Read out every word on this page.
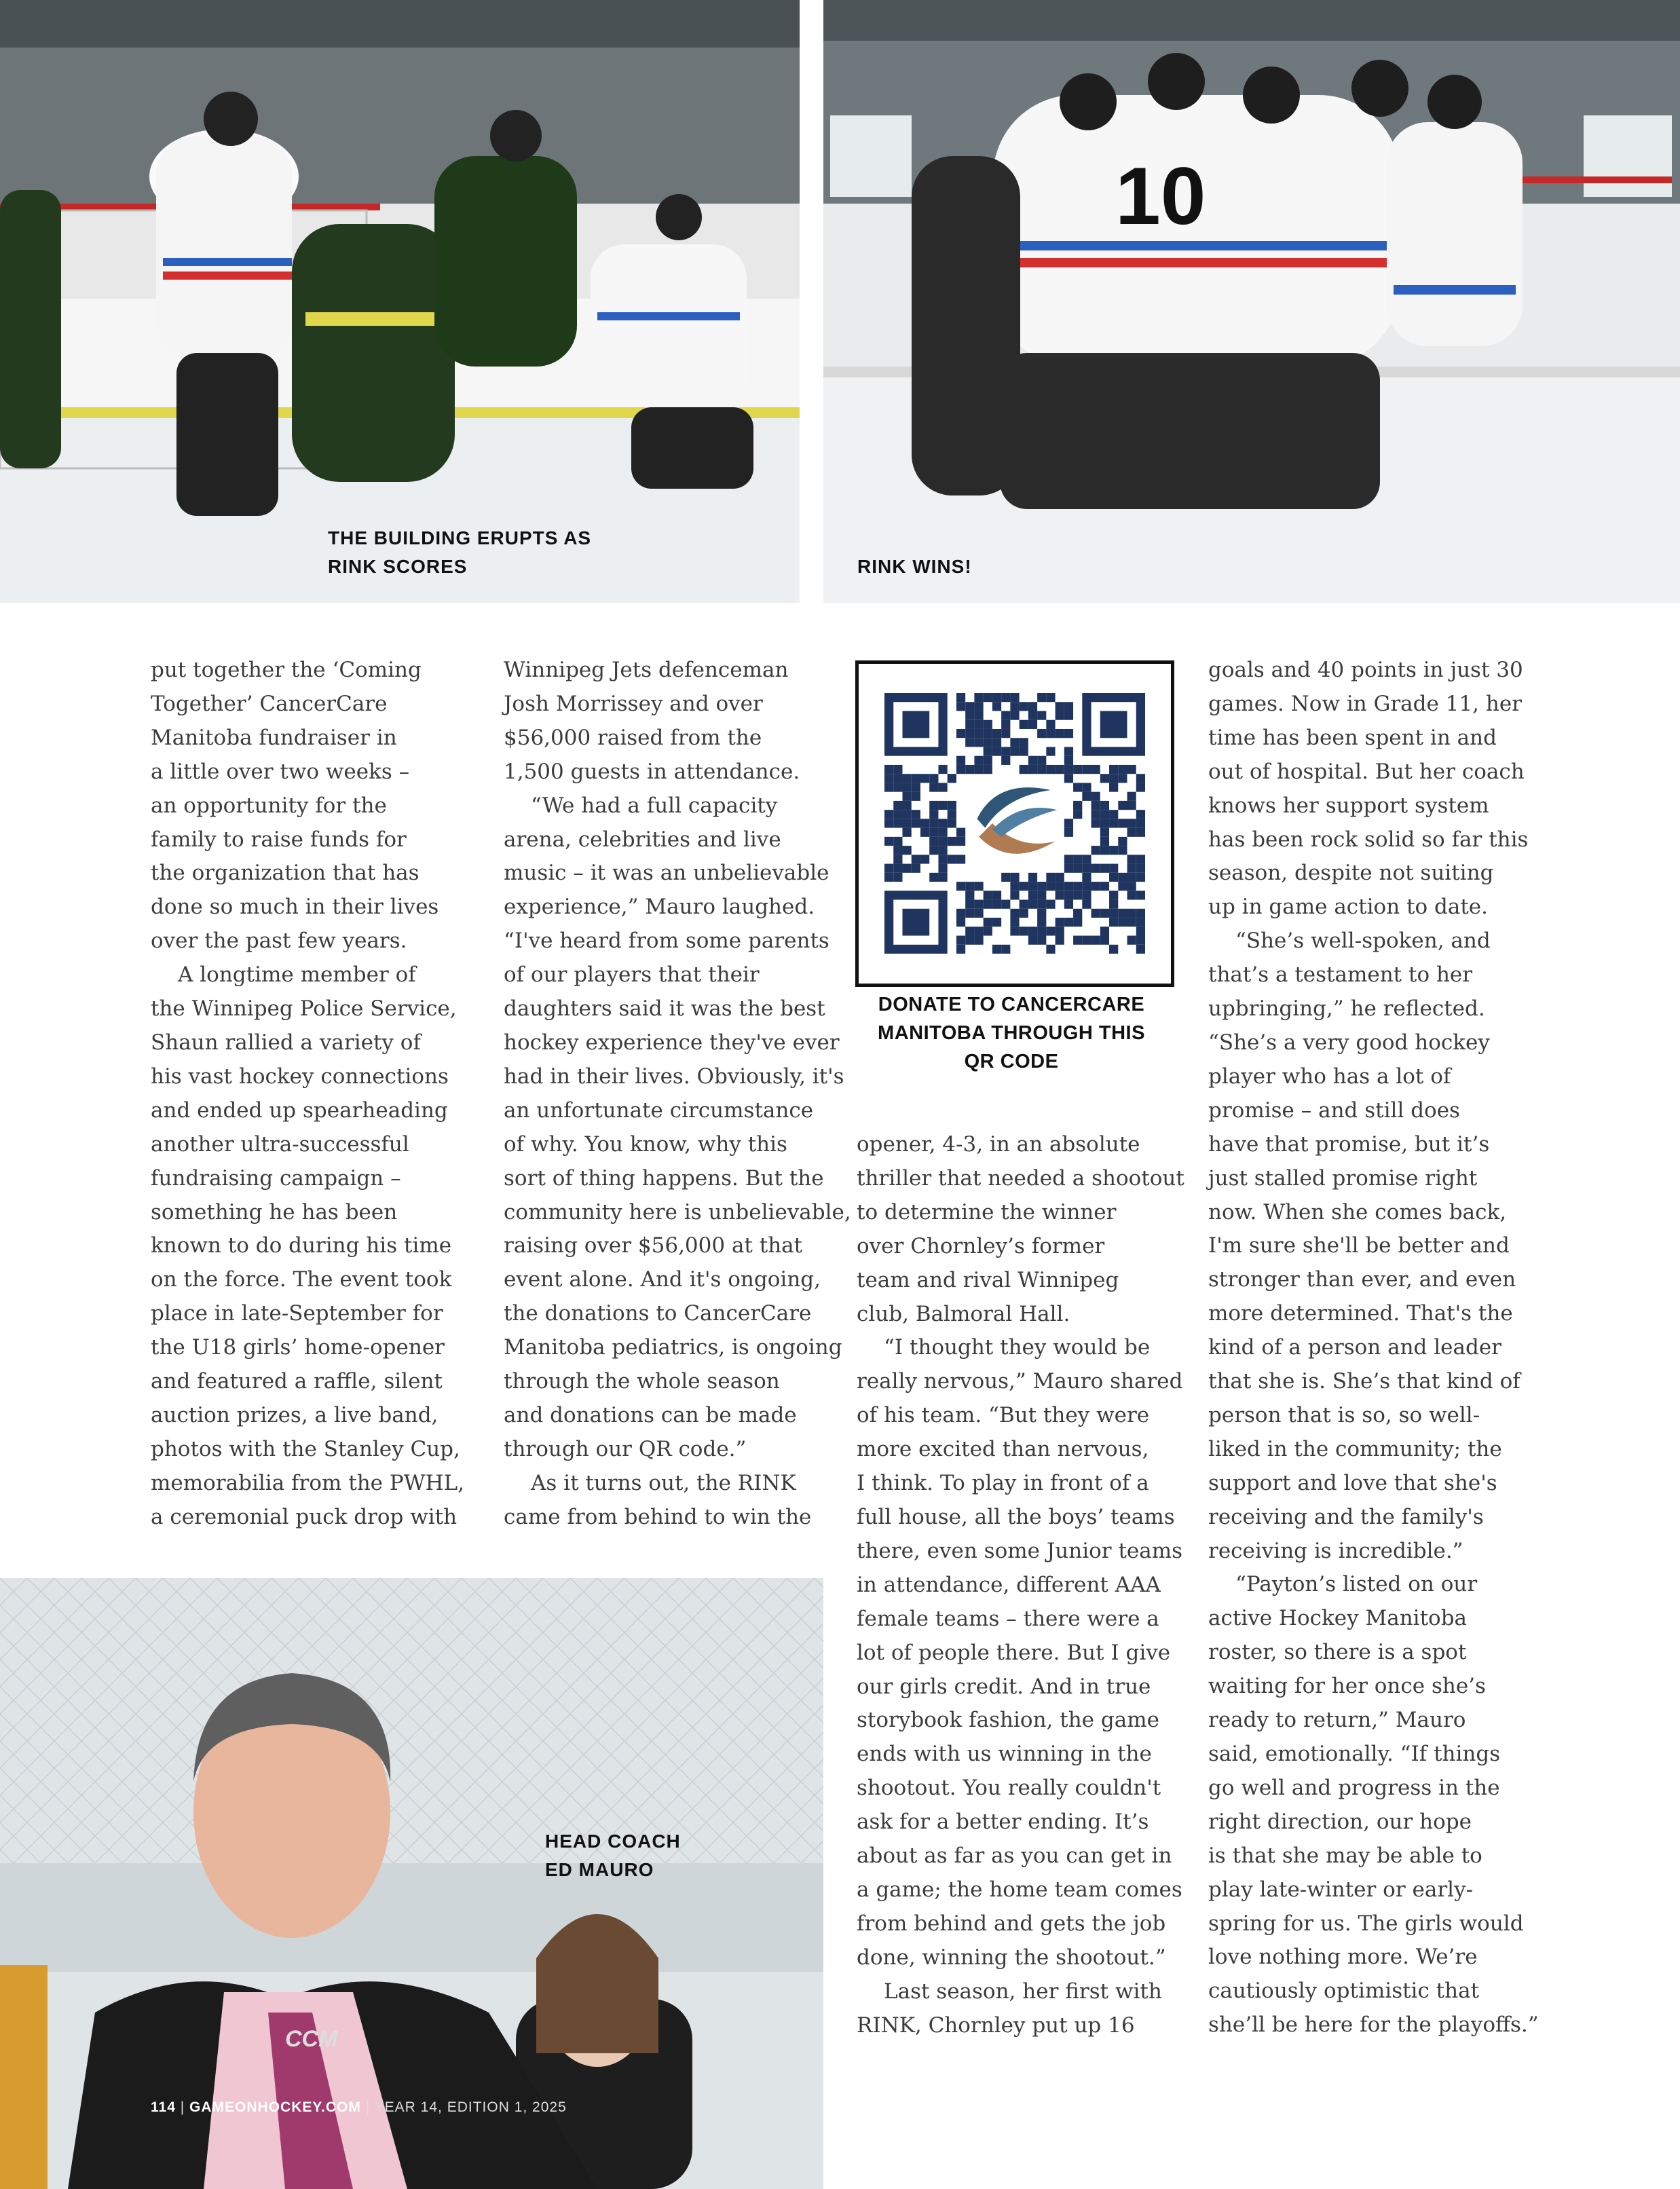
THE BUILDING ERUPTS AS
RINK SCORES
10
RINK WINS!

put together the ‘Coming

Together’ CancerCare

Manitoba fundraiser in

a little over two weeks –

an opportunity for the

family to raise funds for

the organization that has

done so much in their lives

over the past few years.

A longtime member of

the Winnipeg Police Service,

Shaun rallied a variety of

his vast hockey connections

and ended up spearheading

another ultra-successful

fundraising campaign –

something he has been

known to do during his time

on the force. The event took

place in late-September for

the U18 girls’ home-opener

and featured a raffle, silent

auction prizes, a live band,

photos with the Stanley Cup,

memorabilia from the PWHL,

a ceremonial puck drop with

Winnipeg Jets defenceman

Josh Morrissey and over

$56,000 raised from the

1,500 guests in attendance.

“We had a full capacity

arena, celebrities and live

music – it was an unbelievable

experience,” Mauro laughed.

“I've heard from some parents

of our players that their

daughters said it was the best

hockey experience they've ever

had in their lives. Obviously, it's

an unfortunate circumstance

of why. You know, why this

sort of thing happens. But the

community here is unbelievable,

raising over $56,000 at that

event alone. And it's ongoing,

the donations to CancerCare

Manitoba pediatrics, is ongoing

through the whole season

and donations can be made

through our QR code.”

As it turns out, the RINK

came from behind to win the

opener, 4-3, in an absolute

thriller that needed a shootout

to determine the winner

over Chornley’s former

team and rival Winnipeg

club, Balmoral Hall.

“I thought they would be

really nervous,” Mauro shared

of his team. “But they were

more excited than nervous,

I think. To play in front of a

full house, all the boys’ teams

there, even some Junior teams

in attendance, different AAA

female teams – there were a

lot of people there. But I give

our girls credit. And in true

storybook fashion, the game

ends with us winning in the

shootout. You really couldn't

ask for a better ending. It’s

about as far as you can get in

a game; the home team comes

from behind and gets the job

done, winning the shootout.”

Last season, her first with

RINK, Chornley put up 16

goals and 40 points in just 30

games. Now in Grade 11, her

time has been spent in and

out of hospital. But her coach

knows her support system

has been rock solid so far this

season, despite not suiting

up in game action to date.

“She’s well-spoken, and

that’s a testament to her

upbringing,” he reflected.

“She’s a very good hockey

player who has a lot of

promise – and still does

have that promise, but it’s

just stalled promise right

now. When she comes back,

I'm sure she'll be better and

stronger than ever, and even

more determined. That's the

kind of a person and leader

that she is. She’s that kind of

person that is so, so well-

liked in the community; the

support and love that she's

receiving and the family's

receiving is incredible.”

“Payton’s listed on our

active Hockey Manitoba

roster, so there is a spot

waiting for her once she’s

ready to return,” Mauro

said, emotionally. “If things

go well and progress in the

right direction, our hope

is that she may be able to

play late-winter or early-

spring for us. The girls would

love nothing more. We’re

cautiously optimistic that

she’ll be here for the playoffs.”

DONATE TO CANCERCARE
MANITOBA THROUGH THIS
QR CODE
CCM
HEAD COACH
ED MAURO
114 | GAMEONHOCKEY.COM | YEAR 14, EDITION 1, 2025
